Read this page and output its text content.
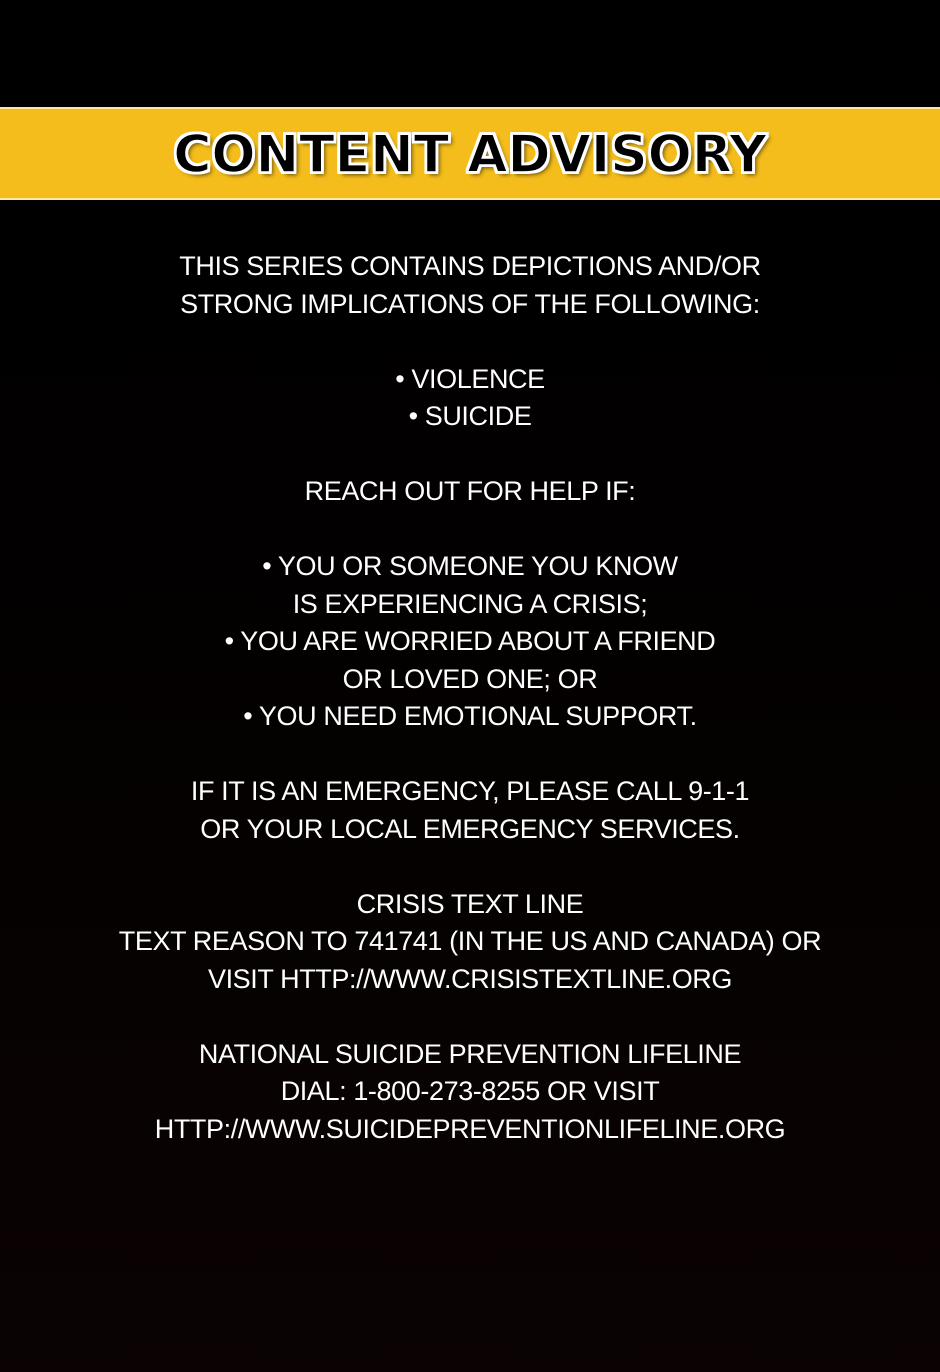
CONTENT ADVISORY
THIS SERIES CONTAINS DEPICTIONS AND/OR
STRONG IMPLICATIONS OF THE FOLLOWING:
• VIOLENCE
• SUICIDE
REACH OUT FOR HELP IF:
• YOU OR SOMEONE YOU KNOW
IS EXPERIENCING A CRISIS;
• YOU ARE WORRIED ABOUT A FRIEND
OR LOVED ONE; OR
• YOU NEED EMOTIONAL SUPPORT.
IF IT IS AN EMERGENCY, PLEASE CALL 9-1-1
OR YOUR LOCAL EMERGENCY SERVICES.
CRISIS TEXT LINE
TEXT REASON TO 741741 (IN THE US AND CANADA) OR
VISIT HTTP://WWW.CRISISTEXTLINE.ORG
NATIONAL SUICIDE PREVENTION LIFELINE
DIAL: 1-800-273-8255 OR VISIT
HTTP://WWW.SUICIDEPREVENTIONLIFELINE.ORG
